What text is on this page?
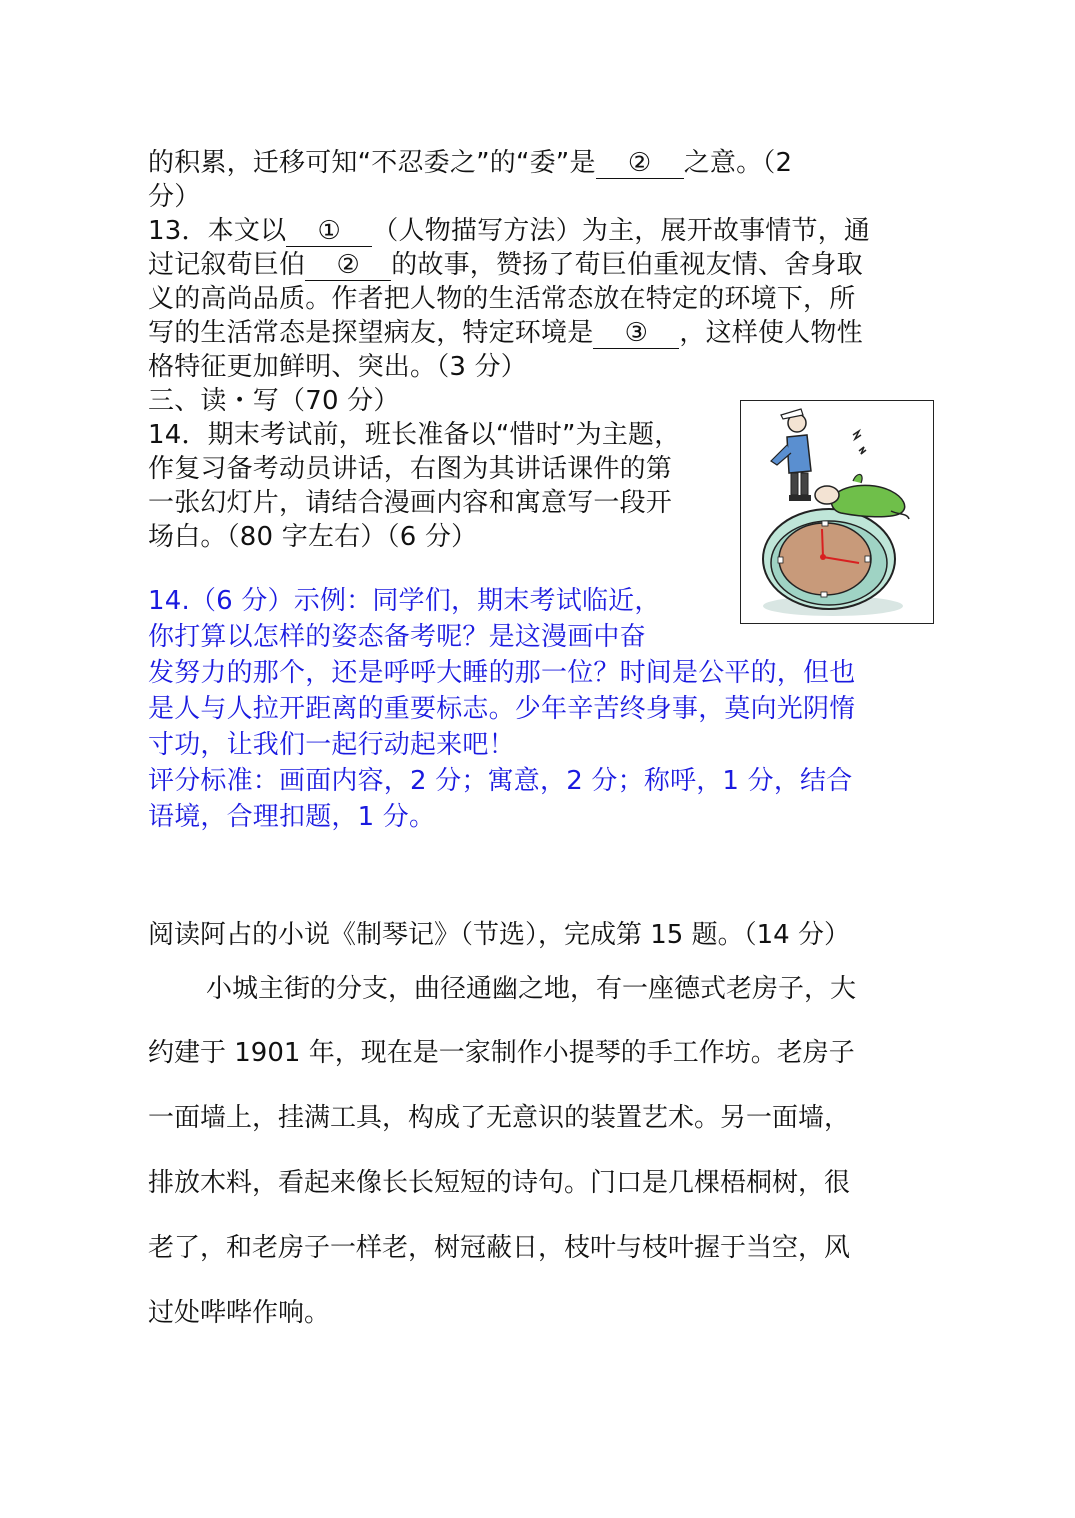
的积累，迁移可知“不忍委之”的“委”是 ② 之意。（2
分）
13．本文以 ① （人物描写方法）为主，展开故事情节，通
过记叙荀巨伯 ② 的故事，赞扬了荀巨伯重视友情、舍身取
义的高尚品质。作者把人物的生活常态放在特定的环境下，所
写的生活常态是探望病友，特定环境是 ③ ，这样使人物性
格特征更加鲜明、突出。（3 分）
三、读・写（70 分）
14．期末考试前，班长准备以“惜时”为主题，
作复习备考动员讲话，右图为其讲话课件的第
一张幻灯片，请结合漫画内容和寓意写一段开
场白。（80 字左右）（6 分）
14.（6 分）示例：同学们，期末考试临近，
你打算以怎样的姿态备考呢？是这漫画中奋
发努力的那个，还是呼呼大睡的那一位？时间是公平的，但也
是人与人拉开距离的重要标志。少年辛苦终身事，莫向光阴惰
寸功，让我们一起行动起来吧！
评分标准：画面内容，2 分；寓意，2 分；称呼，1 分，结合
语境，合理扣题，1 分。
阅读阿占的小说《制琴记》（节选），完成第 15 题。（14 分）
小城主街的分支，曲径通幽之地，有一座德式老房子，大
约建于 1901 年，现在是一家制作小提琴的手工作坊。老房子
一面墙上，挂满工具，构成了无意识的装置艺术。另一面墙，
排放木料，看起来像长长短短的诗句。门口是几棵梧桐树，很
老了，和老房子一样老，树冠蔽日，枝叶与枝叶握于当空，风
过处哔哔作响。
